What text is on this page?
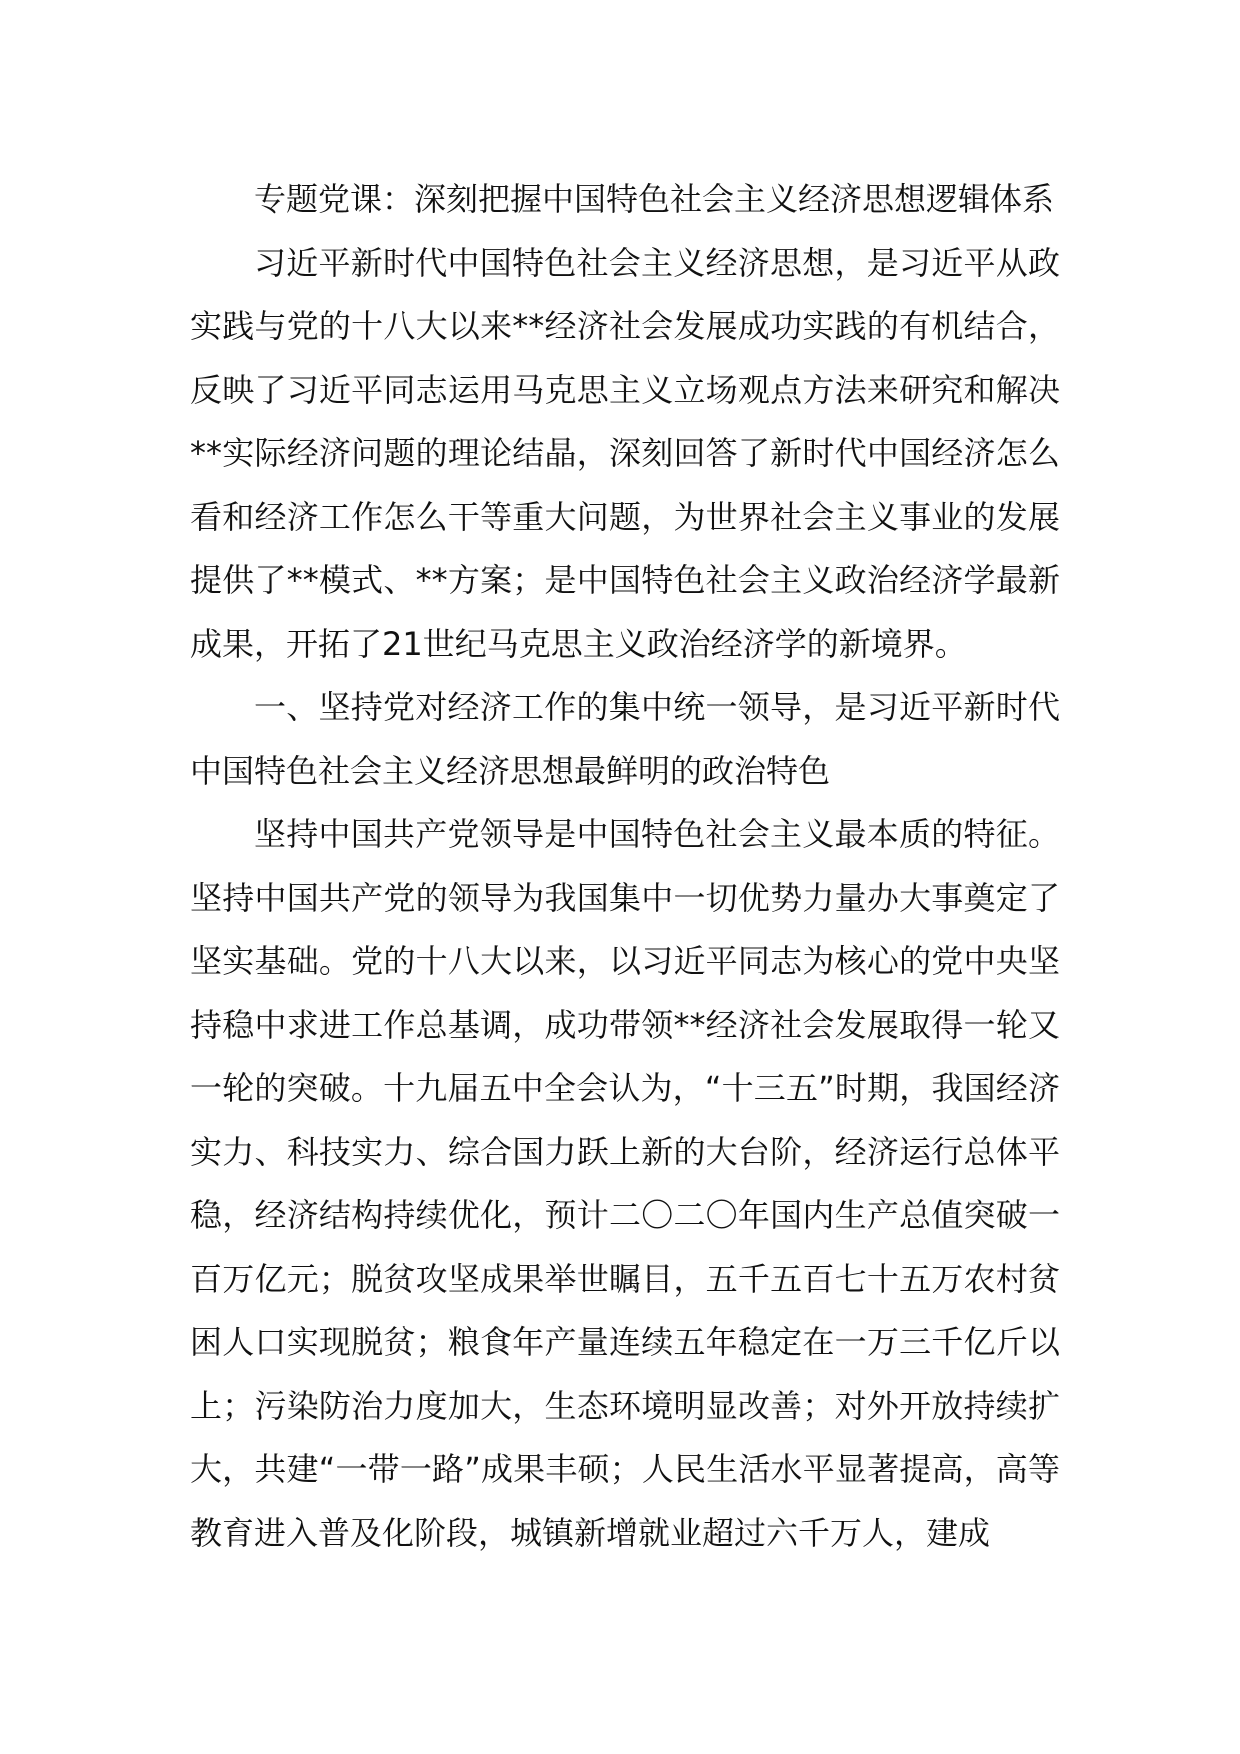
专题党课：深刻把握中国特色社会主义经济思想逻辑体系

习近平新时代中国特色社会主义经济思想，是习近平从政实践与党的十八大以来**经济社会发展成功实践的有机结合，反映了习近平同志运用马克思主义立场观点方法来研究和解决**实际经济问题的理论结晶，深刻回答了新时代中国经济怎么看和经济工作怎么干等重大问题，为世界社会主义事业的发展提供了**模式、**方案；是中国特色社会主义政治经济学最新成果，开拓了21世纪马克思主义政治经济学的新境界。

一、坚持党对经济工作的集中统一领导，是习近平新时代中国特色社会主义经济思想最鲜明的政治特色

坚持中国共产党领导是中国特色社会主义最本质的特征。坚持中国共产党的领导为我国集中一切优势力量办大事奠定了坚实基础。党的十八大以来，以习近平同志为核心的党中央坚持稳中求进工作总基调，成功带领**经济社会发展取得一轮又一轮的突破。十九届五中全会认为，“十三五”时期，我国经济实力、科技实力、综合国力跃上新的大台阶，经济运行总体平稳，经济结构持续优化，预计二〇二〇年国内生产总值突破一百万亿元；脱贫攻坚成果举世瞩目，五千五百七十五万农村贫困人口实现脱贫；粮食年产量连续五年稳定在一万三千亿斤以上；污染防治力度加大，生态环境明显改善；对外开放持续扩大，共建“一带一路”成果丰硕；人民生活水平显著提高，高等教育进入普及化阶段，城镇新增就业超过六千万人，建成
